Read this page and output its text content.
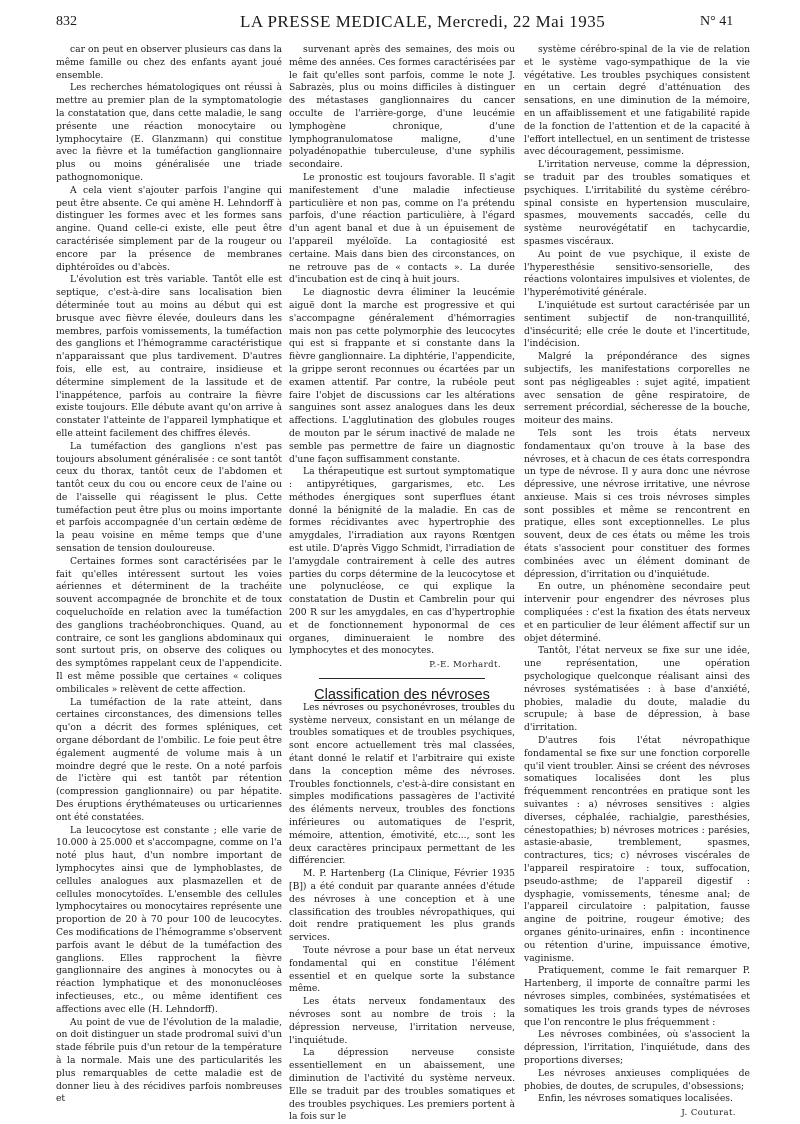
832	LA PRESSE MEDICALE, Mercredi, 22 Mai 1935	N° 41

car on peut en observer plusieurs cas dans la même famille ou chez des enfants ayant joué ensemble.

Les recherches hématologiques ont réussi à mettre au premier plan de la symptomatologie la constatation que, dans cette maladie, le sang présente une réaction monocytaire ou lymphocytaire (E. Glanzmann) qui constitue avec la fièvre et la tuméfaction ganglionnaire plus ou moins généralisée une triade pathognomonique.

A cela vient s'ajouter parfois l'angine qui peut être absente. Ce qui amène H. Lehndorff à distinguer les formes avec et les formes sans angine. Quand celle-ci existe, elle peut être caractérisée simplement par de la rougeur ou encore par la présence de membranes diphtéroïdes ou d'abcès.

L'évolution est très variable. Tantôt elle est septique, c'est-à-dire sans localisation bien déterminée tout au moins au début qui est brusque avec fièvre élevée, douleurs dans les membres, parfois vomissements, la tuméfaction des ganglions et l'hémogramme caractéristique n'apparaissant que plus tardivement. D'autres fois, elle est, au contraire, insidieuse et détermine simplement de la lassitude et de l'inappétence, parfois au contraire la fièvre existe toujours. Elle débute avant qu'on arrive à constater l'atteinte de l'appareil lymphatique et elle atteint facilement des chiffres élevés.

La tuméfaction des ganglions n'est pas toujours absolument généralisée : ce sont tantôt ceux du thorax, tantôt ceux de l'abdomen et tantôt ceux du cou ou encore ceux de l'aine ou de l'aisselle qui réagissent le plus. Cette tuméfaction peut être plus ou moins importante et parfois accompagnée d'un certain œdème de la peau voisine en même temps que d'une sensation de tension douloureuse.

Certaines formes sont caractérisées par le fait qu'elles intéressent surtout les voies aériennes et déterminent de la trachéite souvent accompagnée de bronchite et de toux coqueluchoïde en relation avec la tuméfaction des ganglions trachéobronchiques. Quand, au contraire, ce sont les ganglions abdominaux qui sont surtout pris, on observe des coliques ou des symptômes rappelant ceux de l'appendicite. Il est même possible que certaines « coliques ombilicales » relèvent de cette affection.

La tuméfaction de la rate atteint, dans certaines circonstances, des dimensions telles qu'on a décrit des formes spléniques, cet organe débordant de l'ombilic. Le foie peut être également augmenté de volume mais à un moindre degré que le reste. On a noté parfois de l'ictère qui est tantôt par rétention (compression ganglionnaire) ou par hépatite. Des éruptions érythémateuses ou urticariennes ont été constatées.

La leucocytose est constante ; elle varie de 10.000 à 25.000 et s'accompagne, comme on l'a noté plus haut, d'un nombre important de lymphocytes ainsi que de lymphoblastes, de cellules analogues aux plasmazellen et de cellules monocytoïdes. L'ensemble des cellules lymphocytaires ou monocytaires représente une proportion de 20 à 70 pour 100 de leucocytes. Ces modifications de l'hémogramme s'observent parfois avant le début de la tuméfaction des ganglions. Elles rapprochent la fièvre ganglionnaire des angines à monocytes ou à réaction lymphatique et des mononucléoses infectieuses, etc., ou même identifient ces affections avec elle (H. Lehndorff).

Au point de vue de l'évolution de la maladie, on doit distinguer un stade prodromal suivi d'un stade fébrile puis d'un retour de la température à la normale. Mais une des particularités les plus remarquables de cette maladie est de donner lieu à des récidives parfois nombreuses et

survenant après des semaines, des mois ou même des années. Ces formes caractérisées par le fait qu'elles sont parfois, comme le note J. Sabrazès, plus ou moins difficiles à distinguer des métastases ganglionnaires du cancer occulte de l'arrière-gorge, d'une leucémie lymphogène chronique, d'une lymphogranulomatose maligne, d'une polyadénopathie tuberculeuse, d'une syphilis secondaire.

Le pronostic est toujours favorable. Il s'agit manifestement d'une maladie infectieuse particulière et non pas, comme on l'a prétendu parfois, d'une réaction particulière, à l'égard d'un agent banal et due à un épuisement de l'appareil myéloïde. La contagiosité est certaine. Mais dans bien des circonstances, on ne retrouve pas de « contacts ». La durée d'incubation est de cinq à huit jours.

Le diagnostic devra éliminer la leucémie aiguë dont la marche est progressive et qui s'accompagne généralement d'hémorragies mais non pas cette polymorphie des leucocytes qui est si frappante et si constante dans la fièvre ganglionnaire. La diphtérie, l'appendicite, la grippe seront reconnues ou écartées par un examen attentif. Par contre, la rubéole peut faire l'objet de discussions car les altérations sanguines sont assez analogues dans les deux affections. L'agglutination des globules rouges de mouton par le sérum inactivé de malade ne semble pas permettre de faire un diagnostic d'une façon suffisamment constante.

La thérapeutique est surtout symptomatique : antipyrétiques, gargarismes, etc. Les méthodes énergiques sont superflues étant donné la bénignité de la maladie. En cas de formes récidivantes avec hypertrophie des amygdales, l'irradiation aux rayons Rœntgen est utile. D'après Viggo Schmidt, l'irradiation de l'amygdale contrairement à celle des autres parties du corps détermine de la leucocytose et une polynucléose, ce qui explique la constatation de Dustin et Cambrelin pour qui 200 R sur les amygdales, en cas d'hypertrophie et de fonctionnement hyponormal de ces organes, diminueraient le nombre des lymphocytes et des monocytes.

P.-E. Morhardt.

Classification des névroses

Les névroses ou psychonévroses, troubles du système nerveux, consistant en un mélange de troubles somatiques et de troubles psychiques, sont encore actuellement très mal classées, étant donné le relatif et l'arbitraire qui existe dans la conception même des névroses. Troubles fonctionnels, c'est-à-dire consistant en simples modifications passagères de l'activité des éléments nerveux, troubles des fonctions inférieures ou automatiques de l'esprit, mémoire, attention, émotivité, etc..., sont les deux caractères principaux permettant de les différencier.

M. P. Hartenberg (La Clinique, Février 1935 [B]) a été conduit par quarante années d'étude des névroses à une conception et à une classification des troubles névropathiques, qui doit rendre pratiquement les plus grands services.

Toute névrose a pour base un état nerveux fondamental qui en constitue l'élément essentiel et en quelque sorte la substance même.

Les états nerveux fondamentaux des névroses sont au nombre de trois : la dépression nerveuse, l'irritation nerveuse, l'inquiétude.

La dépression nerveuse consiste essentiellement en un abaissement, une diminution de l'activité du système nerveux. Elle se traduit par des troubles somatiques et des troubles psychiques. Les premiers portent à la fois sur le

système cérébro-spinal de la vie de relation et le système vago-sympathique de la vie végétative. Les troubles psychiques consistent en un certain degré d'atténuation des sensations, en une diminution de la mémoire, en un affaiblissement et une fatigabilité rapide de la fonction de l'attention et de la capacité à l'effort intellectuel, en un sentiment de tristesse avec découragement, pessimisme.

L'irritation nerveuse, comme la dépression, se traduit par des troubles somatiques et psychiques. L'irritabilité du système cérébro-spinal consiste en hypertension musculaire, spasmes, mouvements saccadés, celle du système neurovégétatif en tachycardie, spasmes viscéraux.

Au point de vue psychique, il existe de l'hyperesthésie sensitivo-sensorielle, des réactions volontaires impulsives et violentes, de l'hyperémotivité générale.

L'inquiétude est surtout caractérisée par un sentiment subjectif de non-tranquillité, d'insécurité; elle crée le doute et l'incertitude, l'indécision.

Malgré la prépondérance des signes subjectifs, les manifestations corporelles ne sont pas négligeables : sujet agité, impatient avec sensation de gêne respiratoire, de serrement précordial, sécheresse de la bouche, moiteur des mains.

Tels sont les trois états nerveux fondamentaux qu'on trouve à la base des névroses, et à chacun de ces états correspondra un type de névrose. Il y aura donc une névrose dépressive, une névrose irritative, une névrose anxieuse. Mais si ces trois névroses simples sont possibles et même se rencontrent en pratique, elles sont exceptionnelles. Le plus souvent, deux de ces états ou même les trois états s'associent pour constituer des formes combinées avec un élément dominant de dépression, d'irritation ou d'inquiétude.

En outre, un phénomène secondaire peut intervenir pour engendrer des névroses plus compliquées : c'est la fixation des états nerveux et en particulier de leur élément affectif sur un objet déterminé.

Tantôt, l'état nerveux se fixe sur une idée, une représentation, une opération psychologique quelconque réalisant ainsi des névroses systématisées : à base d'anxiété, phobies, maladie du doute, maladie du scrupule; à base de dépression, à base d'irritation.

D'autres fois l'état névropathique fondamental se fixe sur une fonction corporelle qu'il vient troubler. Ainsi se créent des névroses somatiques localisées dont les plus fréquemment rencontrées en pratique sont les suivantes : a) névroses sensitives : algies diverses, céphalée, rachialgie, paresthésies, cénestopathies; b) névroses motrices : parésies, astasie-abasie, tremblement, spasmes, contractures, tics; c) névroses viscérales de l'appareil respiratoire : toux, suffocation, pseudo-asthme; de l'appareil digestif : dysphagie, vomissements, ténesme anal; de l'appareil circulatoire : palpitation, fausse angine de poitrine, rougeur émotive; des organes génito-urinaires, enfin : incontinence ou rétention d'urine, impuissance émotive, vaginisme.

Pratiquement, comme le fait remarquer P. Hartenberg, il importe de connaître parmi les névroses simples, combinées, systématisées et somatiques les trois grands types de névroses que l'on rencontre le plus fréquemment :

Les névroses combinées, où s'associent la dépression, l'irritation, l'inquiétude, dans des proportions diverses;

Les névroses anxieuses compliquées de phobies, de doutes, de scrupules, d'obsessions;

Enfin, les névroses somatiques localisées.

J. Couturat.
